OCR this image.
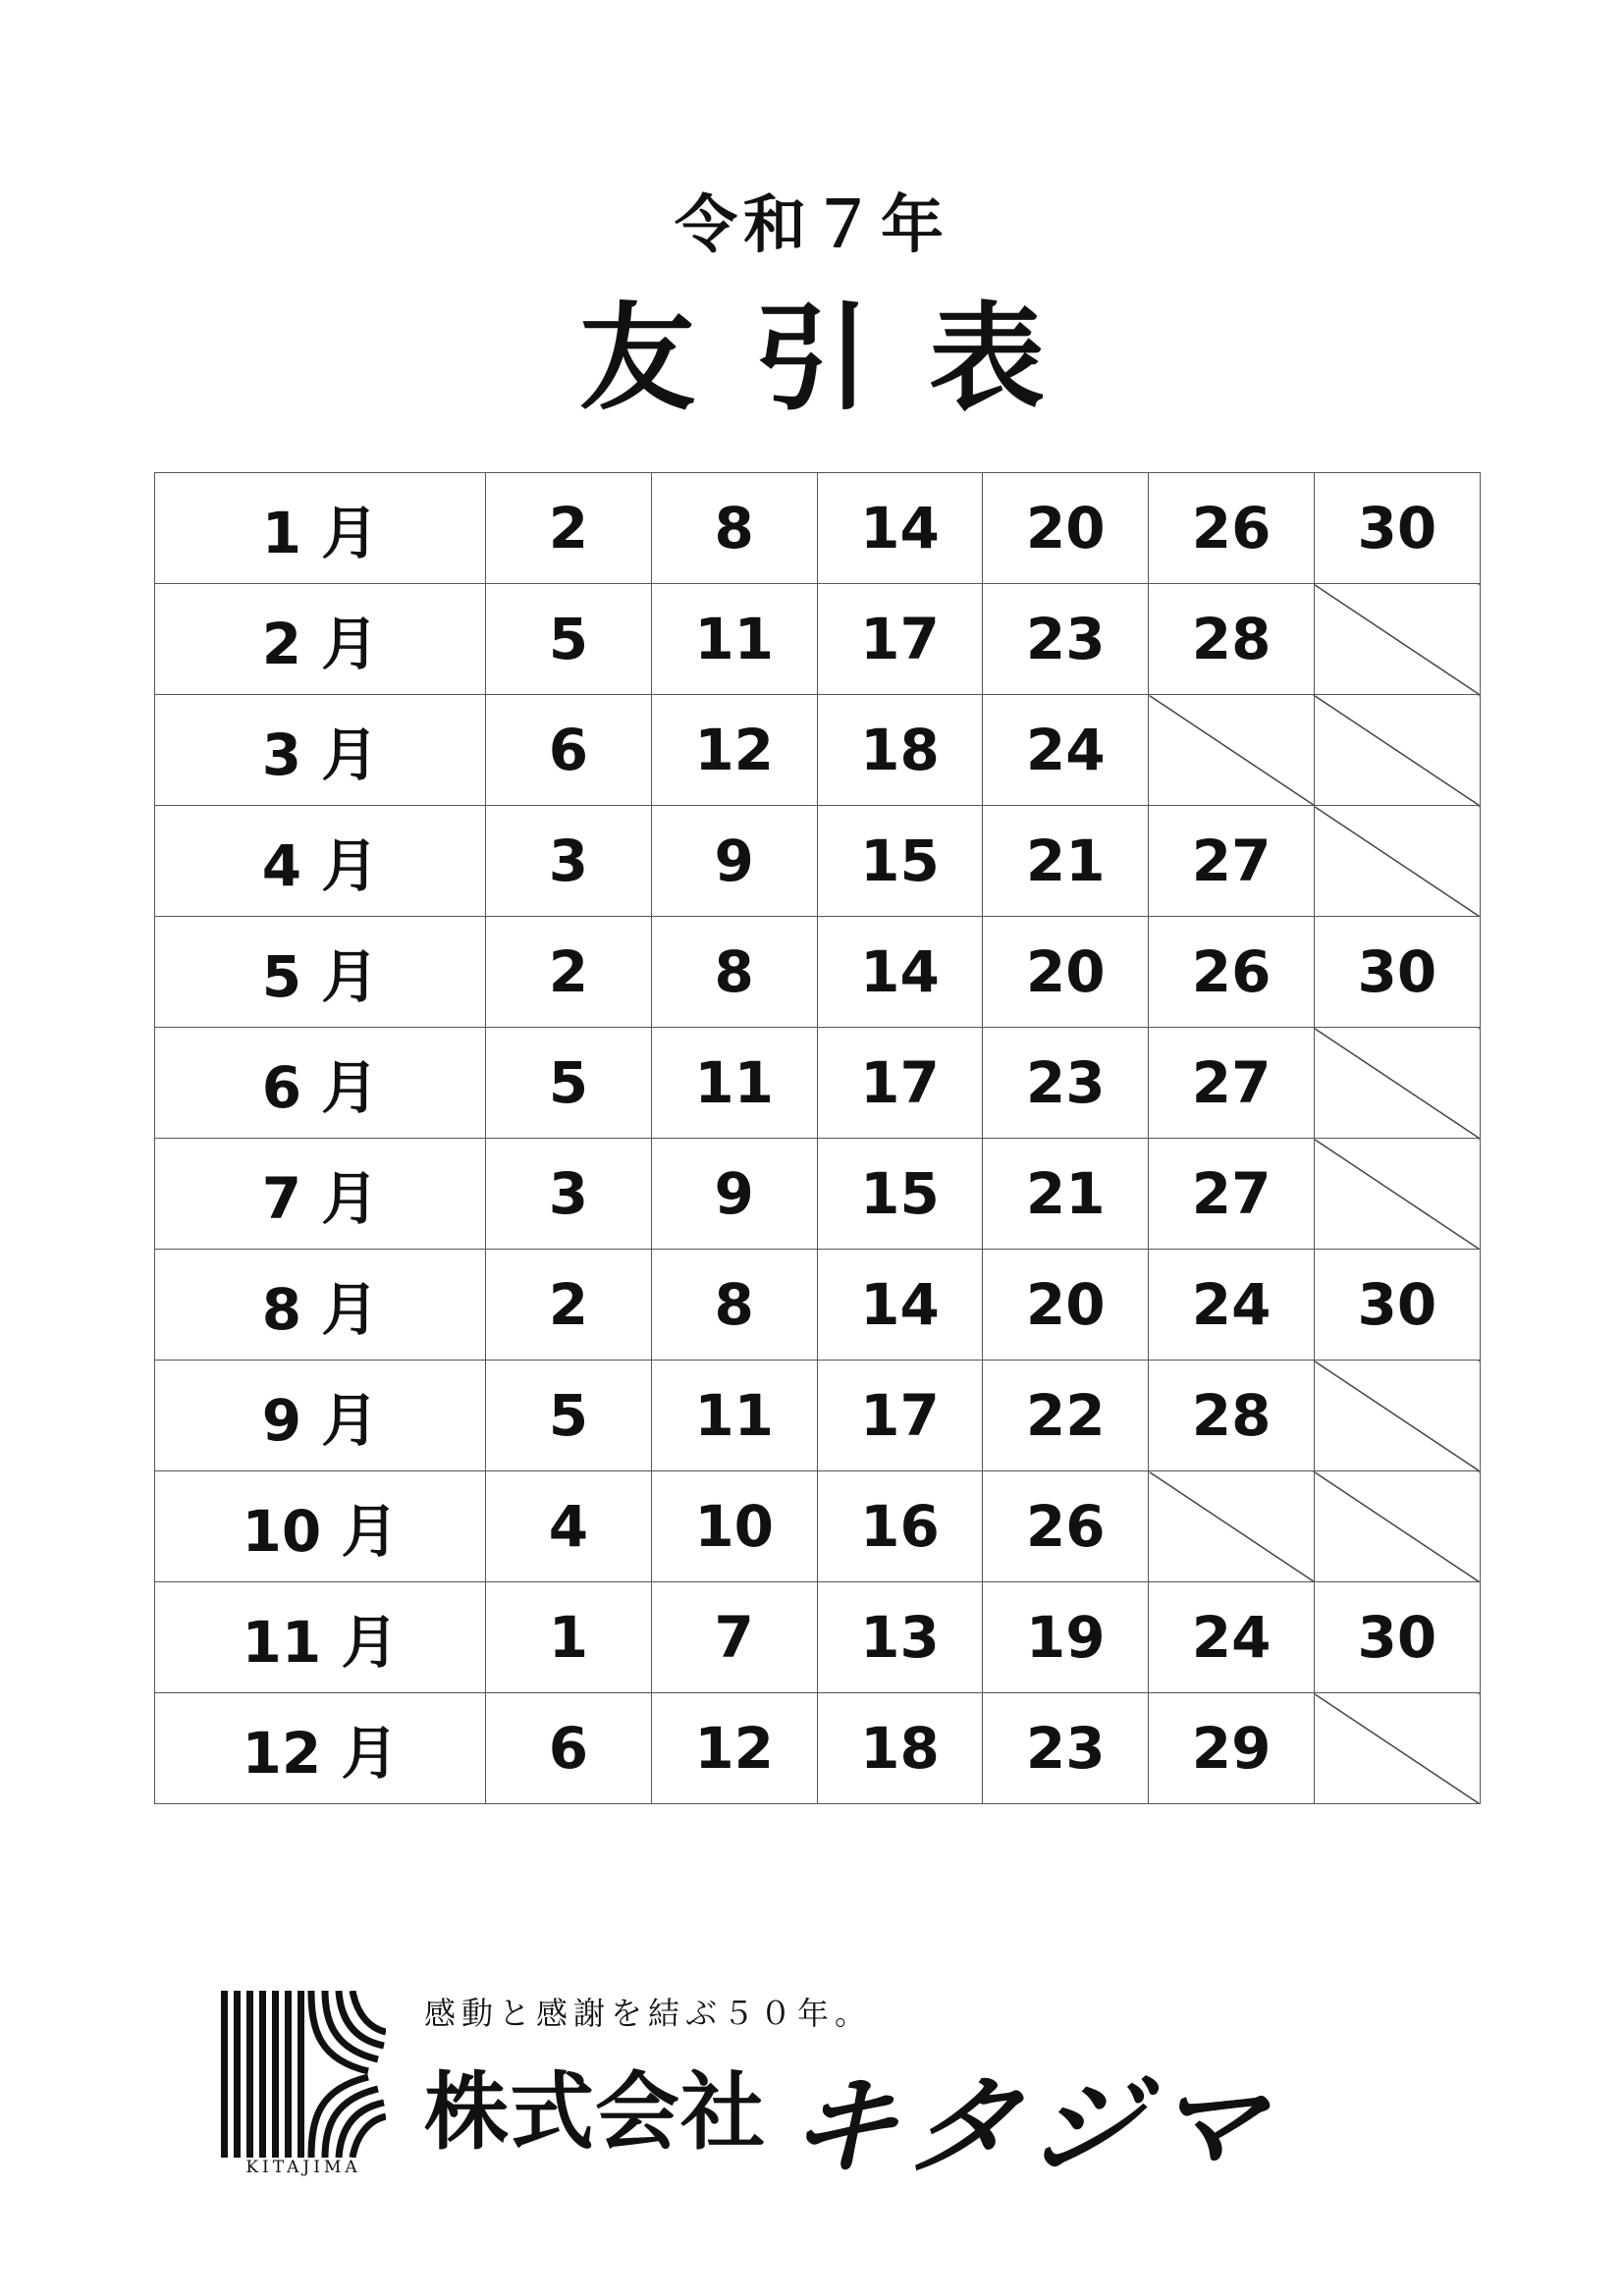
令和７年
友引表
1 月	2	8	14	20	26	30
2 月	5	11	17	23	28	
3 月	6	12	18	24		
4 月	3	9	15	21	27	
5 月	2	8	14	20	26	30
6 月	5	11	17	23	27	
7 月	3	9	15	21	27	
8 月	2	8	14	20	24	30
9 月	5	11	17	22	28	
10 月	4	10	16	26		
11 月	1	7	13	19	24	30
12 月	6	12	18	23	29	
KITAJIMA
感動と感謝を結ぶ５０年。
株式会社 キタジマ
